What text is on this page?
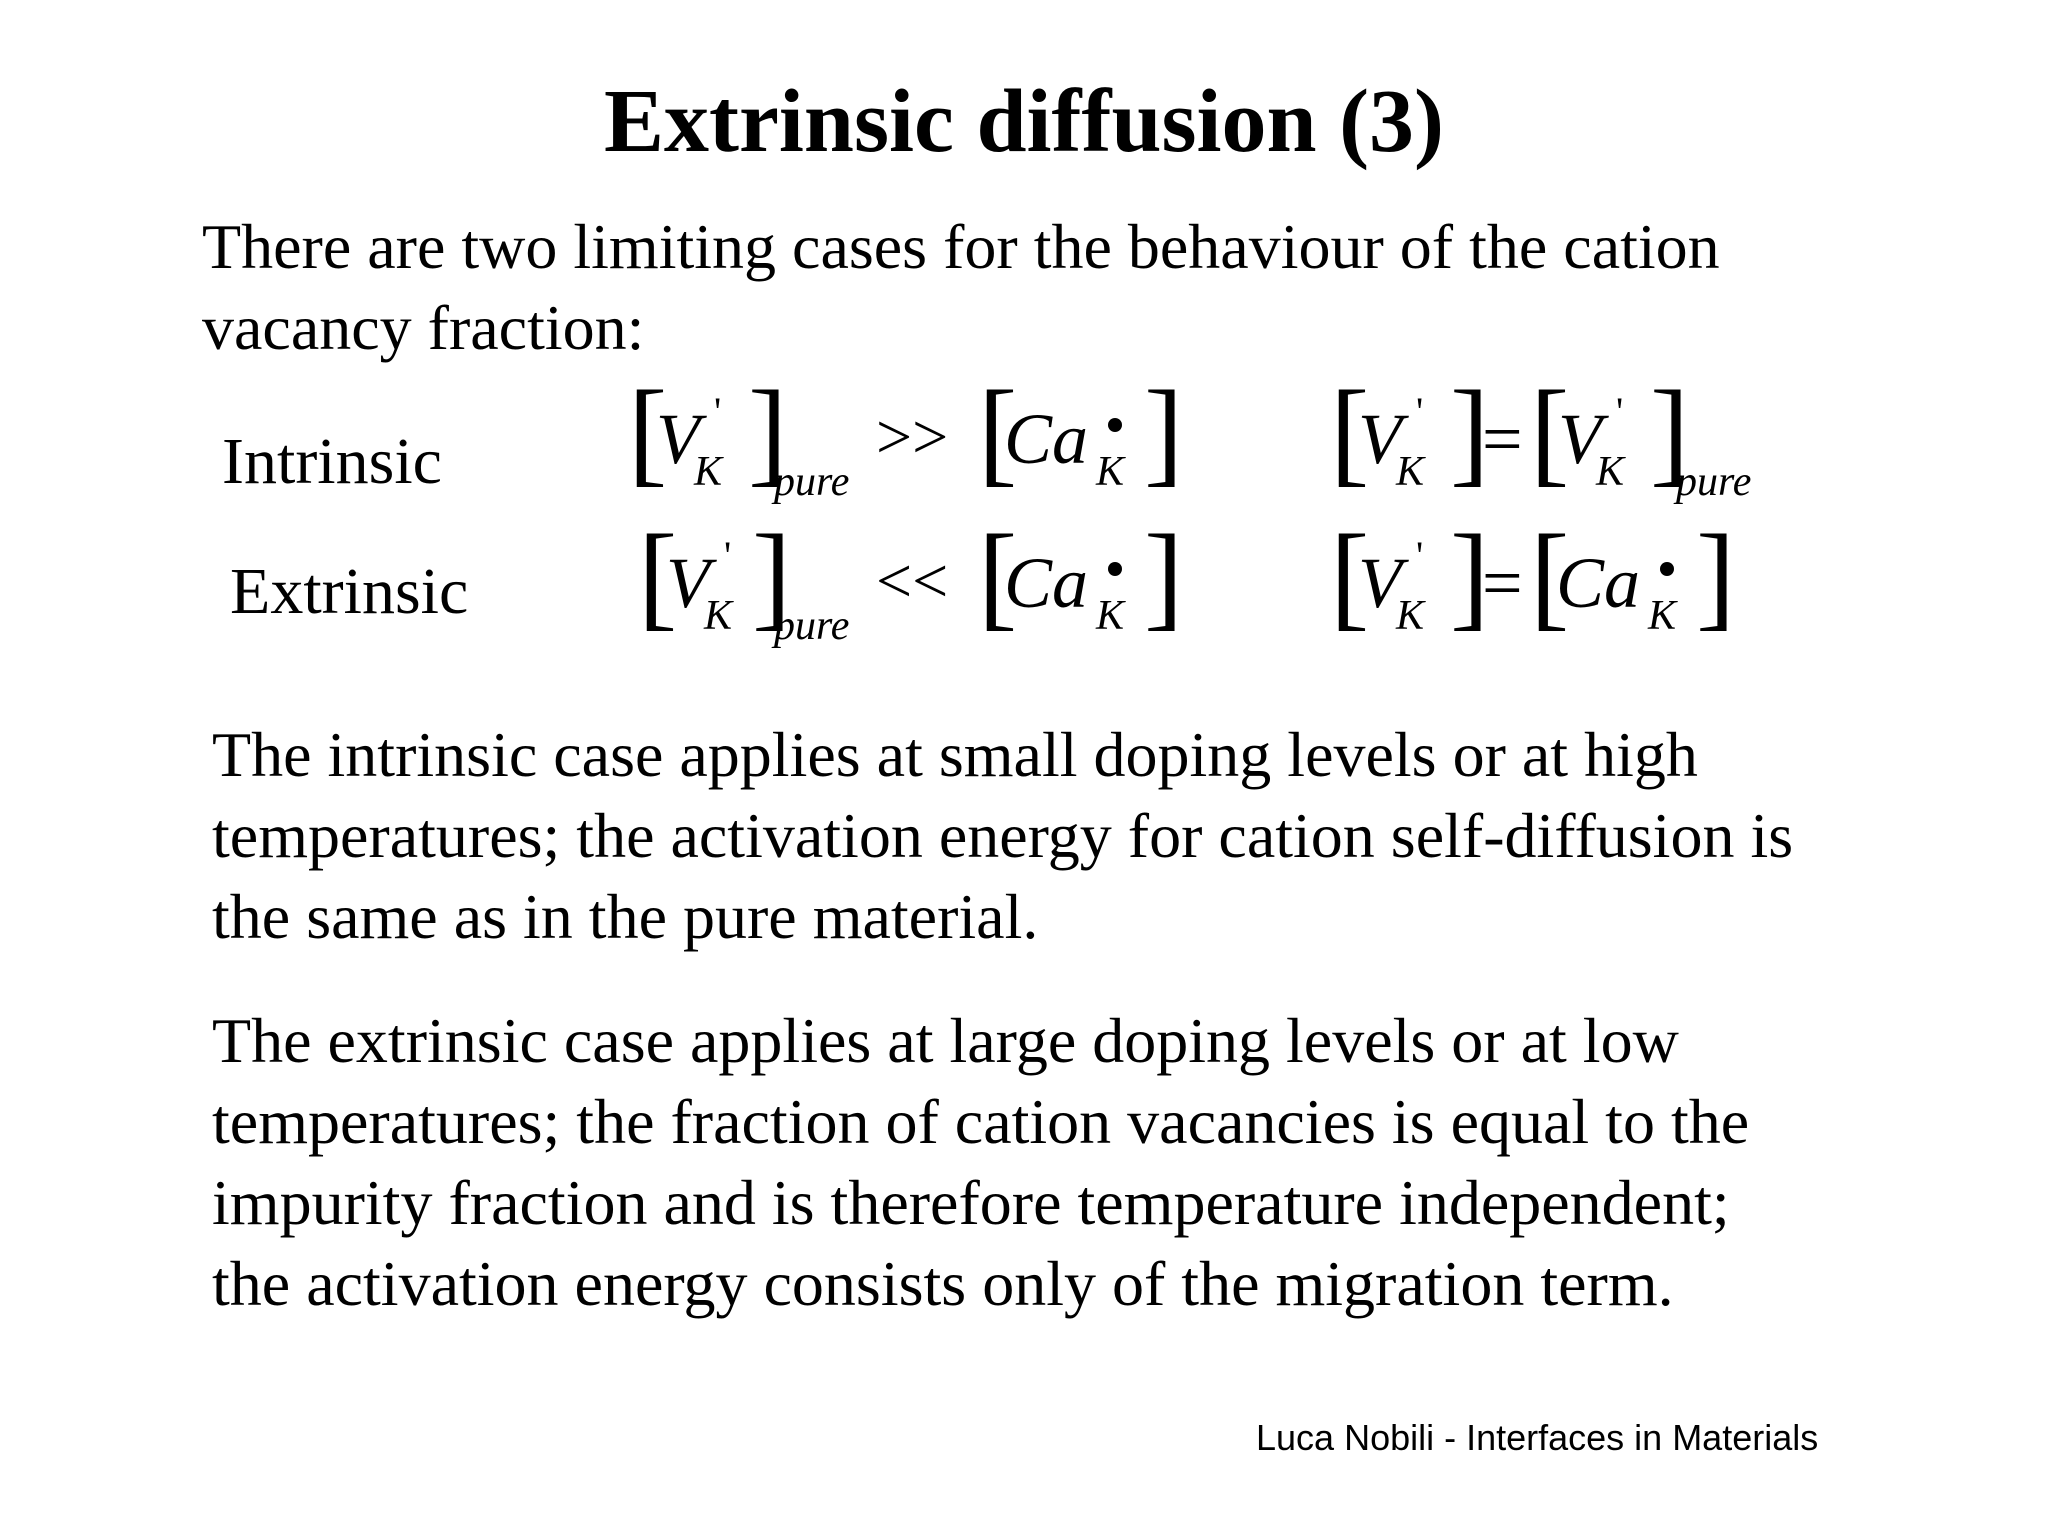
Extrinsic diffusion (3)

There are two limiting cases for the behaviour of the cation
vacancy fraction:

Intrinsic
Extrinsic
[
V '
K ]
pure
>> [
Ca K ] [
V '
K ]
= [
V '
K ]
pure
[
V '
K ]
pure
<< [
Ca K ] [
V '
K ]
= [
Ca K ]

The intrinsic case applies at small doping levels or at high
temperatures; the activation energy for cation self-diffusion is
the same as in the pure material.

The extrinsic case applies at large doping levels or at low
temperatures; the fraction of cation vacancies is equal to the
impurity fraction and is therefore temperature independent;
the activation energy consists only of the migration term.

Luca Nobili - Interfaces in Materials
